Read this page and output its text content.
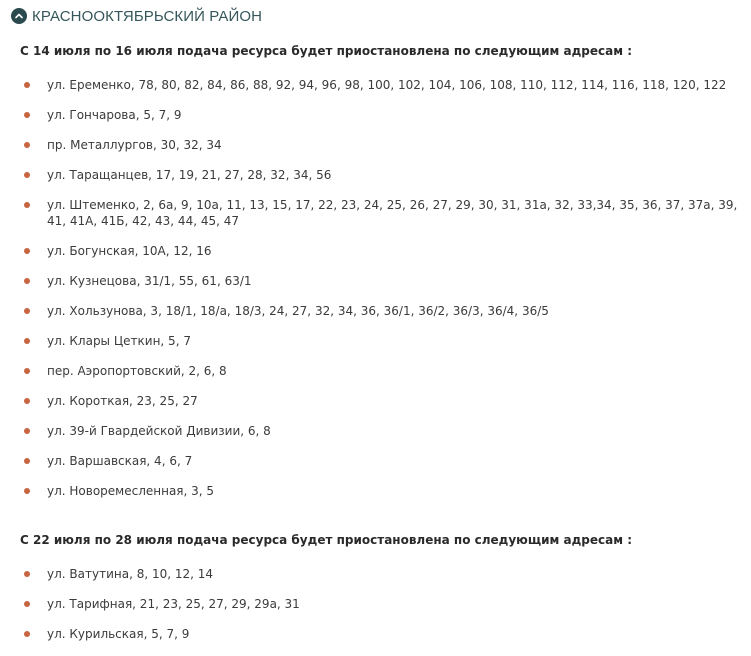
КРАСНООКТЯБРЬСКИЙ РАЙОН

С 14 июля по 16 июля подача ресурса будет приостановлена по следующим адресам :

ул. Еременко, 78, 80, 82, 84, 86, 88, 92, 94, 96, 98, 100, 102, 104, 106, 108, 110, 112, 114, 116, 118, 120, 122
ул. Гончарова, 5, 7, 9
пр. Металлургов, 30, 32, 34
ул. Таращанцев, 17, 19, 21, 27, 28, 32, 34, 56
ул. Штеменко, 2, 6а, 9, 10а, 11, 13, 15, 17, 22, 23, 24, 25, 26, 27, 29, 30, 31, 31а, 32, 33,34, 35, 36, 37, 37а, 39, 41, 41А, 41Б, 42, 43, 44, 45, 47
ул. Богунская, 10А, 12, 16
ул. Кузнецова, 31/1, 55, 61, 63/1
ул. Хользунова, 3, 18/1, 18/а, 18/3, 24, 27, 32, 34, 36, 36/1, 36/2, 36/3, 36/4, 36/5
ул. Клары Цеткин, 5, 7
пер. Аэропортовский, 2, 6, 8
ул. Короткая, 23, 25, 27
ул. 39-й Гвардейской Дивизии, 6, 8
ул. Варшавская, 4, 6, 7
ул. Новоремесленная, 3, 5

С 22 июля по 28 июля подача ресурса будет приостановлена по следующим адресам :

ул. Ватутина, 8, 10, 12, 14
ул. Тарифная, 21, 23, 25, 27, 29, 29а, 31
ул. Курильская, 5, 7, 9
